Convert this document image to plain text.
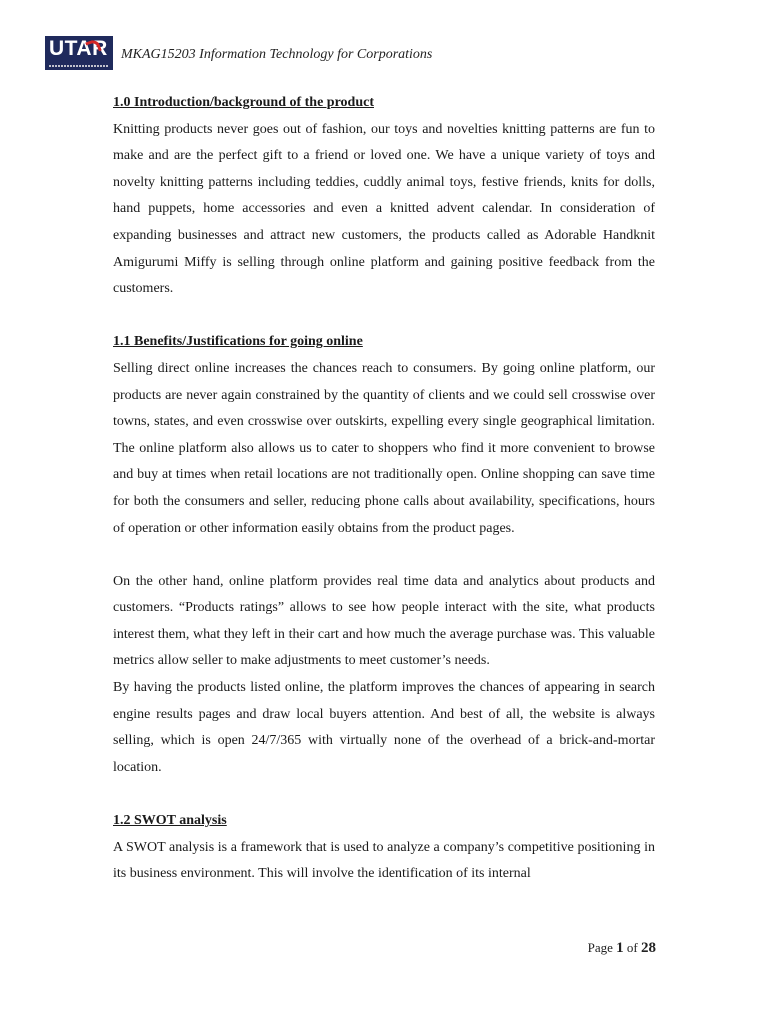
UTAR MKAG15203 Information Technology for Corporations
1.0 Introduction/background of the product

Knitting products never goes out of fashion, our toys and novelties knitting patterns are fun to make and are the perfect gift to a friend or loved one. We have a unique variety of toys and novelty knitting patterns including teddies, cuddly animal toys, festive friends, knits for dolls, hand puppets, home accessories and even a knitted advent calendar. In consideration of expanding businesses and attract new customers, the products called as Adorable Handknit Amigurumi Miffy is selling through online platform and gaining positive feedback from the customers.

1.1 Benefits/Justifications for going online

Selling direct online increases the chances reach to consumers. By going online platform, our products are never again constrained by the quantity of clients and we could sell crosswise over towns, states, and even crosswise over outskirts, expelling every single geographical limitation. The online platform also allows us to cater to shoppers who find it more convenient to browse and buy at times when retail locations are not traditionally open. Online shopping can save time for both the consumers and seller, reducing phone calls about availability, specifications, hours of operation or other information easily obtains from the product pages.

On the other hand, online platform provides real time data and analytics about products and customers. “Products ratings” allows to see how people interact with the site, what products interest them, what they left in their cart and how much the average purchase was. This valuable metrics allow seller to make adjustments to meet customer’s needs.

By having the products listed online, the platform improves the chances of appearing in search engine results pages and draw local buyers attention. And best of all, the website is always selling, which is open 24/7/365 with virtually none of the overhead of a brick-and-mortar location.

1.2 SWOT analysis

A SWOT analysis is a framework that is used to analyze a company’s competitive positioning in its business environment. This will involve the identification of its internal

Page 1 of 28
